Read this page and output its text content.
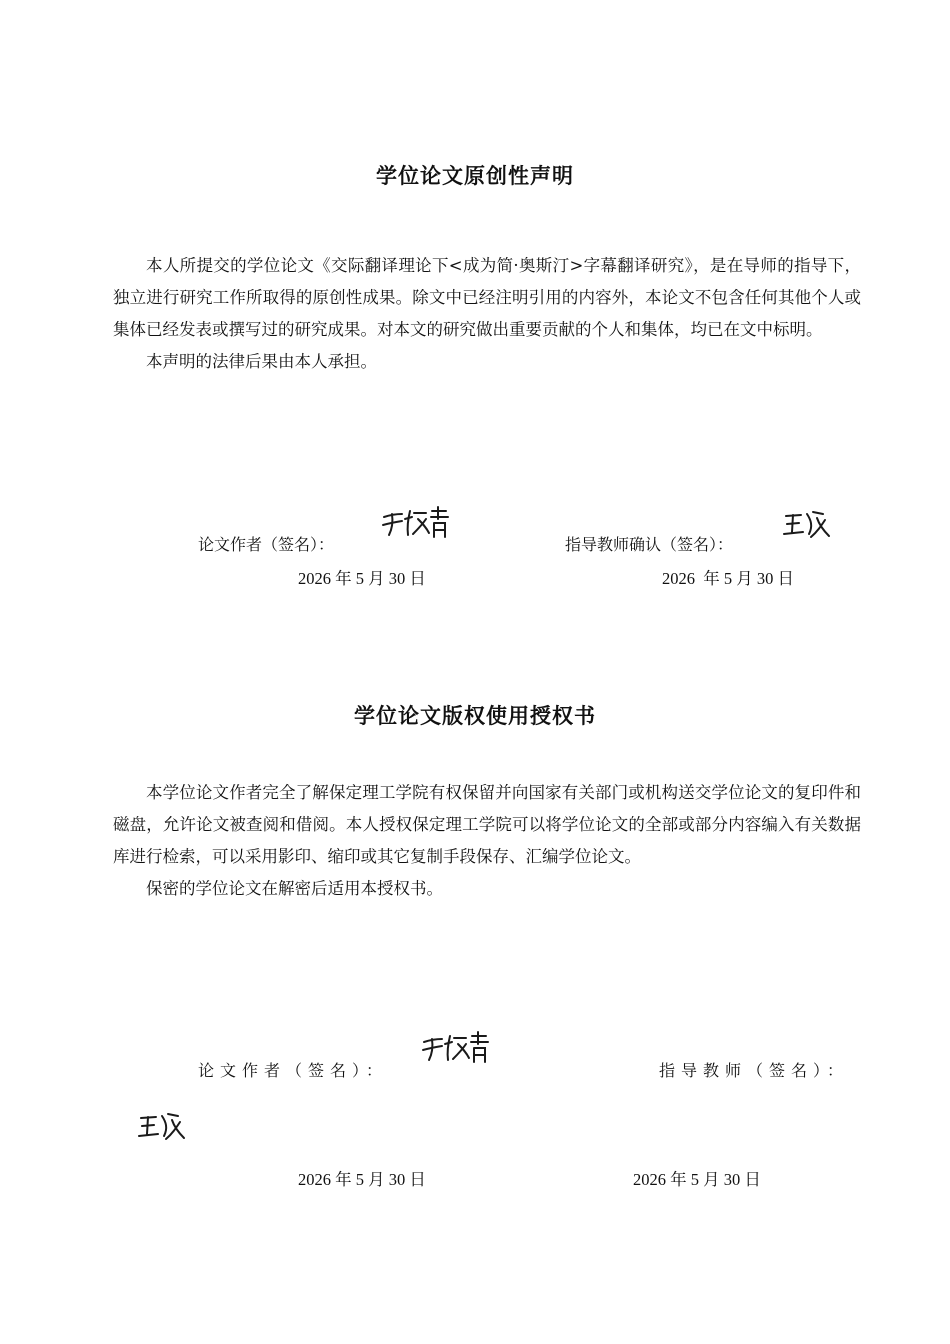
学位论文原创性声明

本人所提交的学位论文《交际翻译理论下<成为简·奥斯汀>字幕翻译研究》，是在导师的指导下，独立进行研究工作所取得的原创性成果。除文中已经注明引用的内容外，本论文不包含任何其他个人或集体已经发表或撰写过的研究成果。对本文的研究做出重要贡献的个人和集体，均已在文中标明。

本声明的法律后果由本人承担。

论文作者（签名）：	指导教师确认（签名）：
2026 年 5 月 30 日	2026  年 5 月 30 日
学位论文版权使用授权书

本学位论文作者完全了解保定理工学院有权保留并向国家有关部门或机构送交学位论文的复印件和磁盘，允许论文被查阅和借阅。本人授权保定理工学院可以将学位论文的全部或部分内容编入有关数据库进行检索，可以采用影印、缩印或其它复制手段保存、汇编学位论文。

保密的学位论文在解密后适用本授权书。

论文作者（签名）：	指导教师（签名）：
2026 年 5 月 30 日	2026 年 5 月 30 日
